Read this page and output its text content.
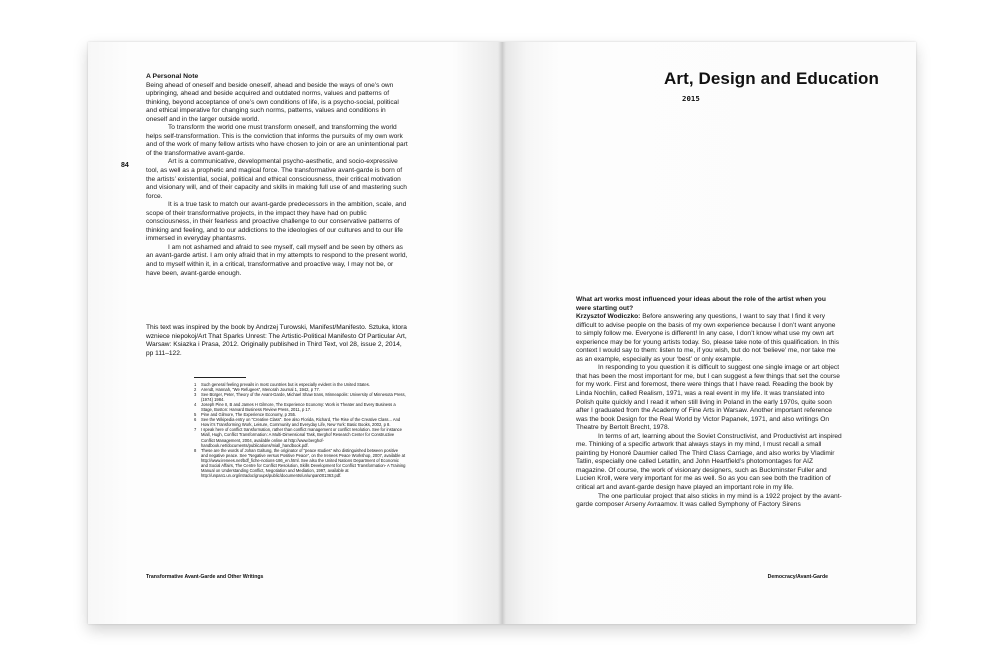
84

A Personal Note

Being ahead of oneself and beside oneself, ahead and beside the ways of one’s own upbringing, ahead and beside acquired and outdated norms, values and patterns of thinking, beyond acceptance of one’s own conditions of life, is a psycho-social, political and ethical imperative for changing such norms, patterns, values and conditions in oneself and in the larger outside world.

To transform the world one must transform oneself, and transforming the world helps self-transformation. This is the conviction that informs the pursuits of my own work and of the work of many fellow artists who have chosen to join or are an unintentional part of the transformative avant-garde.

Art is a communicative, developmental psycho-aesthetic, and socio-expressive tool, as well as a prophetic and magical force. The transformative avant-garde is born of the artists’ existential, social, political and ethical consciousness, their critical motivation and visionary will, and of their capacity and skills in making full use of and mastering such force.

It is a true task to match our avant-garde predecessors in the ambition, scale, and scope of their transformative projects, in the impact they have had on public consciousness, in their fearless and proactive challenge to our conservative patterns of thinking and feeling, and to our addictions to the ideologies of our cultures and to our life immersed in everyday phantasms.

I am not ashamed and afraid to see myself, call myself and be seen by others as an avant-garde artist. I am only afraid that in my attempts to respond to the present world, and to myself within it, in a critical, transformative and proactive way, I may not be, or have been, avant-garde enough.

This text was inspired by the book by Andrzej Turowski, Manifest/Manifesto. Sztuka, ktora wzniece niepokoj/Art That Sparks Unrest: The Artistic-Political Manifesto Of Particular Art, Warsaw: Ksiazka i Prasa, 2012. Originally published in Third Text, vol 28, issue 2, 2014, pp 111–122.
1	Such general feeling prevails in most countries but is especially evident in the United States.
2	Arendt, Hannah, “We Refugees”, Menorah Journal 1, 1942, p 77.
3	See Bürger, Peter, Theory of the Avant-Garde, Michael Shaw trans, Minneapolis: University of Minnesota Press, (1974) 1984.
4	Joseph Pine II, B and James H Gilmore, The Experience Economy: Work is Theater and Every Business a Stage, Boston: Harvard Business Review Press, 2011, p 17.
5	Pine and Gilmore, The Experience Economy, p 255.
6	See the Wikipedia entry on “Creative Class”. See also Florida, Richard, The Rise of the Creative Class... And How it’s Transforming Work, Leisure, Community and Everyday Life, New York: Basic Books, 2002, p 8.
7	I speak here of conflict transformation, rather than conflict management or conflict resolution. See for instance Miall, Hugh, Conflict Transformation: A Multi-Dimensional Task, Berghof Research Center for Constructive Conflict Management, 2004, available online at http://www.berghof-handbook.net/documents/publications/miall_handbook.pdf.
8	These are the words of Johan Galtung, the originator of “peace studies” who distinguished between positive and negative peace. See “Negative versus Positive Peace”, on the Irenees Peace Workshop, 2007, available at http://www.irenees.net/bdf_fiche-notions-186_en.html. See also the United Nations Department of Economic and Social Affairs, The Centre for Conflict Resolution, Skills Development for Conflict Transformation- A Training Manual on Understanding Conflict, Negotiation and Mediation, 1997, available at http://unpan1.un.org/intradoc/groups/public/documents/un/unpan001363.pdf.
Transformative Avant-Garde and Other Writings
Art, Design and Education
2015

What art works most influenced your ideas about the role of the artist when you were starting out?

Krzysztof Wodiczko: Before answering any questions, I want to say that I find it very difficult to advise people on the basis of my own experience because I don’t want anyone to simply follow me. Everyone is different! In any case, I don’t know what use my own art experience may be for young artists today. So, please take note of this qualification. In this context I would say to them: listen to me, if you wish, but do not ‘believe’ me, nor take me as an example, especially as your ‘best’ or only example.

In responding to you question it is difficult to suggest one single image or art object that has been the most important for me, but I can suggest a few things that set the course for my work. First and foremost, there were things that I have read. Reading the book by Linda Nochlin, called Realism, 1971, was a real event in my life. It was translated into Polish quite quickly and I read it when still living in Poland in the early 1970s, quite soon after I graduated from the Academy of Fine Arts in Warsaw. Another important reference was the book Design for the Real World by Victor Papanek, 1971, and also writings On Theatre by Bertolt Brecht, 1978.

In terms of art, learning about the Soviet Constructivist, and Productivist art inspired me. Thinking of a specific artwork that always stays in my mind, I must recall a small painting by Honoré Daumier called The Third Class Carriage, and also works by Vladimir Tatlin, especially one called Letatlin, and John Heartfield’s photomontages for AIZ magazine. Of course, the work of visionary designers, such as Buckminster Fuller and Lucien Kroll, were very important for me as well. So as you can see both the tradition of critical art and avant-garde design have played an important role in my life.

The one particular project that also sticks in my mind is a 1922 project by the avant-garde composer Arseny Avraamov. It was called Symphony of Factory Sirens

Democracy/Avant-Garde
